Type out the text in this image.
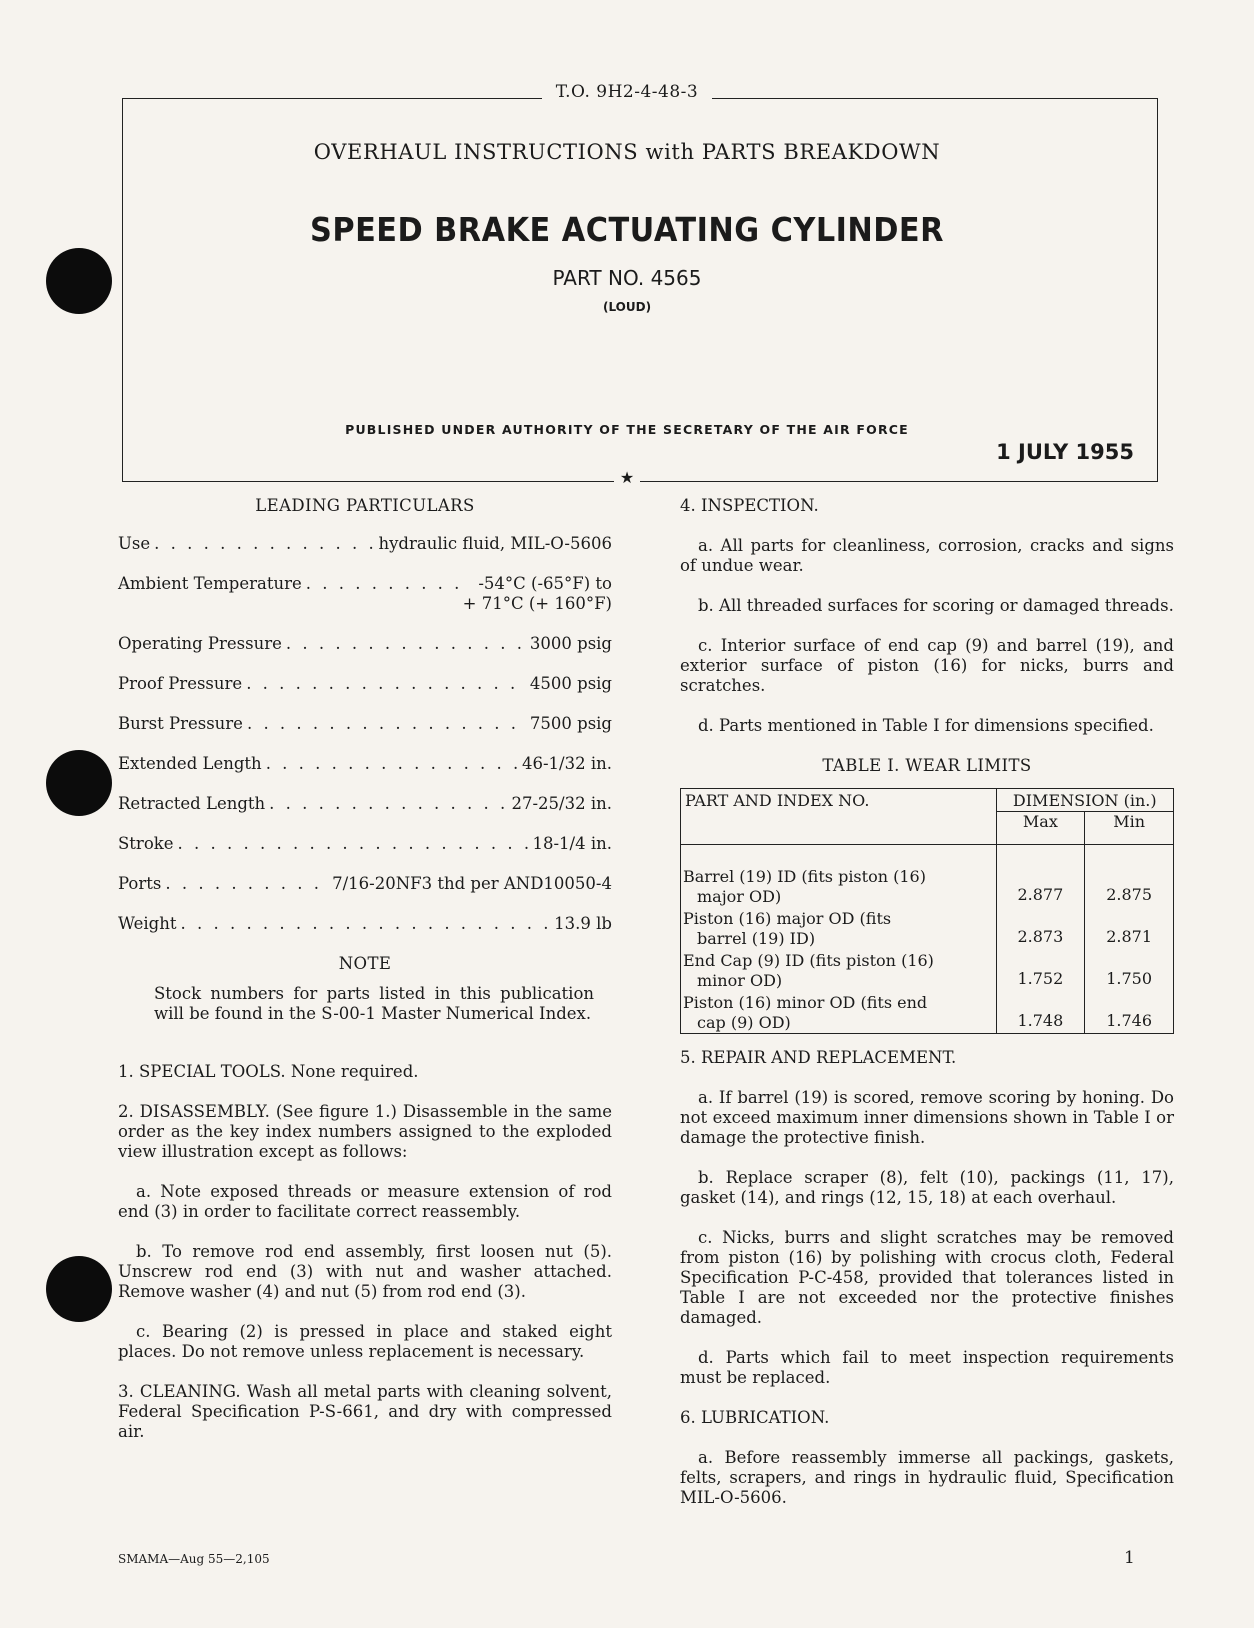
T.O. 9H2-4-48-3
OVERHAUL INSTRUCTIONS with PARTS BREAKDOWN
SPEED BRAKE ACTUATING CYLINDER
PART NO. 4565
(LOUD)
PUBLISHED UNDER AUTHORITY OF THE SECRETARY OF THE AIR FORCE
1 JULY 1955
★
LEADING PARTICULARS
Use . . .	hydraulic fluid, MIL-O-5606
Ambient Temperature . . .	-54°C (-65°F) to
+ 71°C (+ 160°F)
Operating Pressure . . .	3000 psig
Proof Pressure . . .	4500 psig
Burst Pressure . . .	7500 psig
Extended Length . . .	46-1/32 in.
Retracted Length . . .	27-25/32 in.
Stroke . . .	18-1/4 in.
Ports . . .	7/16-20NF3 thd per AND10050-4
Weight . . .	13.9 lb
NOTE
Stock numbers for parts listed in this publication will be found in the S-00-1 Master Numerical Index.
1. SPECIAL TOOLS. None required.
2. DISASSEMBLY. (See figure 1.) Disassemble in the same order as the key index numbers assigned to the exploded view illustration except as follows:
a. Note exposed threads or measure extension of rod end (3) in order to facilitate correct reassembly.
b. To remove rod end assembly, first loosen nut (5). Unscrew rod end (3) with nut and washer attached. Remove washer (4) and nut (5) from rod end (3).
c. Bearing (2) is pressed in place and staked eight places. Do not remove unless replacement is necessary.
3. CLEANING. Wash all metal parts with cleaning solvent, Federal Specification P-S-661, and dry with compressed air.
4. INSPECTION.
a. All parts for cleanliness, corrosion, cracks and signs of undue wear.
b. All threaded surfaces for scoring or damaged threads.
c. Interior surface of end cap (9) and barrel (19), and exterior surface of piston (16) for nicks, burrs and scratches.
d. Parts mentioned in Table I for dimensions specified.
TABLE I. WEAR LIMITS
PART AND INDEX NO.	DIMENSION (in.)	
	Max	Min

Barrel (19) ID (fits piston (16)
major OD)	2.877	2.875

Piston (16) major OD (fits
barrel (19) ID)	2.873	2.871

End Cap (9) ID (fits piston (16)
minor OD)	1.752	1.750

Piston (16) minor OD (fits end
cap (9) OD)	1.748	1.746
5. REPAIR AND REPLACEMENT.
a. If barrel (19) is scored, remove scoring by honing. Do not exceed maximum inner dimensions shown in Table I or damage the protective finish.
b. Replace scraper (8), felt (10), packings (11, 17), gasket (14), and rings (12, 15, 18) at each overhaul.
c. Nicks, burrs and slight scratches may be removed from piston (16) by polishing with crocus cloth, Federal Specification P-C-458, provided that tolerances listed in Table I are not exceeded nor the protective finishes damaged.
d. Parts which fail to meet inspection requirements must be replaced.
6. LUBRICATION.
a. Before reassembly immerse all packings, gaskets, felts, scrapers, and rings in hydraulic fluid, Specification MIL-O-5606.
SMAMA—Aug 55—2,105	1
